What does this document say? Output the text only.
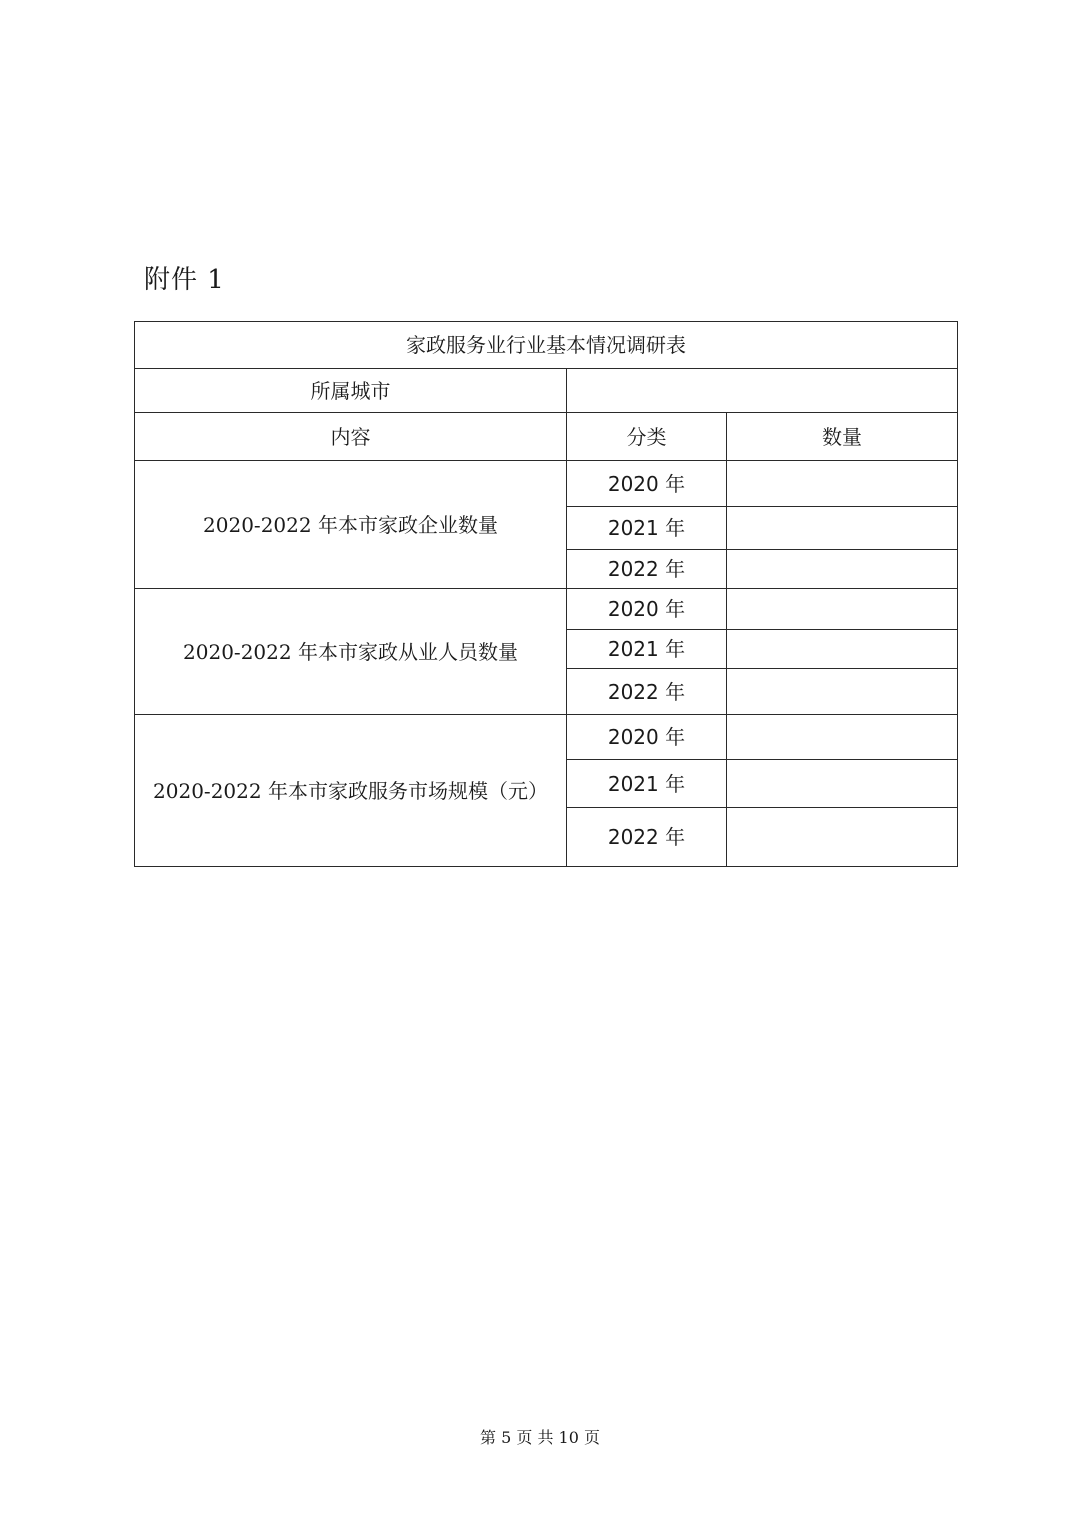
附件 1
家政服务业行业基本情况调研表		
所属城市		
内容	分类	数量
2020-2022 年本市家政企业数量	2020 年	
	2021 年	
	2022 年	
2020-2022 年本市家政从业人员数量	2020 年	
	2021 年	
	2022 年	
2020-2022 年本市家政服务市场规模（元）	2020 年	
	2021 年	
	2022 年	
第 5 页 共 10 页
